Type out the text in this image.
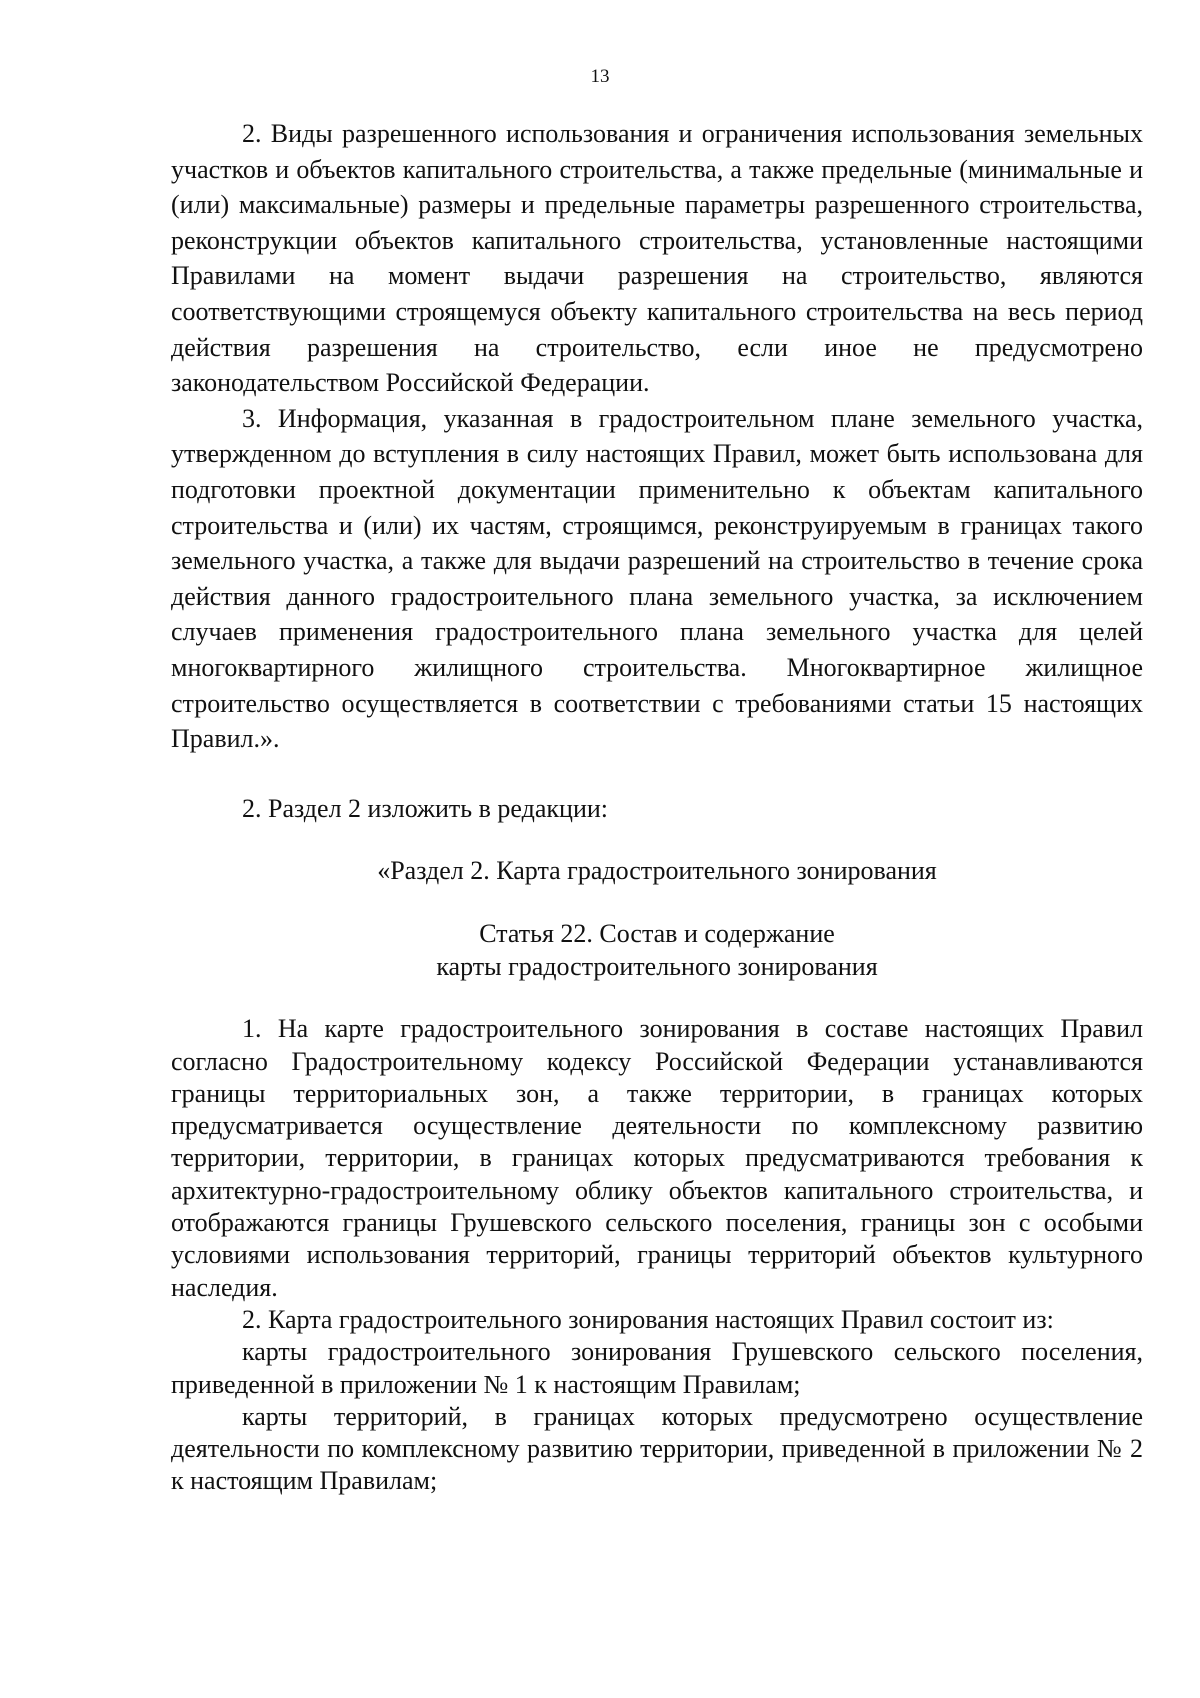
13

2. Виды разрешенного использования и ограничения использования земельных участков и объектов капитального строительства, а также предельные (минимальные и (или) максимальные) размеры и предельные параметры разрешенного строительства, реконструкции объектов капитального строительства, установленные настоящими Правилами на момент выдачи разрешения на строительство, являются соответствующими строящемуся объекту капитального строительства на весь период действия разрешения на строительство, если иное не предусмотрено законодательством Российской Федерации.

3. Информация, указанная в градостроительном плане земельного участка, утвержденном до вступления в силу настоящих Правил, может быть использована для подготовки проектной документации применительно к объектам капитального строительства и (или) их частям, строящимся, реконструируемым в границах такого земельного участка, а также для выдачи разрешений на строительство в течение срока действия данного градостроительного плана земельного участка, за исключением случаев применения градостроительного плана земельного участка для целей многоквартирного жилищного строительства. Многоквартирное жилищное строительство осуществляется в соответствии с требованиями статьи 15 настоящих Правил.».

2. Раздел 2 изложить в редакции:

«Раздел 2. Карта градостроительного зонирования

Статья 22. Состав и содержание
карты градостроительного зонирования

1. На карте градостроительного зонирования в составе настоящих Правил согласно Градостроительному кодексу Российской Федерации устанавливаются границы территориальных зон, а также территории, в границах которых предусматривается осуществление деятельности по комплексному развитию территории, территории, в границах которых предусматриваются требования к архитектурно-градостроительному облику объектов капитального строительства, и отображаются границы Грушевского сельского поселения, границы зон с особыми условиями использования территорий, границы территорий объектов культурного наследия.

2. Карта градостроительного зонирования настоящих Правил состоит из:

карты градостроительного зонирования Грушевского сельского поселения, приведенной в приложении № 1 к настоящим Правилам;

карты территорий, в границах которых предусмотрено осуществление деятельности по комплексному развитию территории, приведенной в приложении № 2 к настоящим Правилам;
